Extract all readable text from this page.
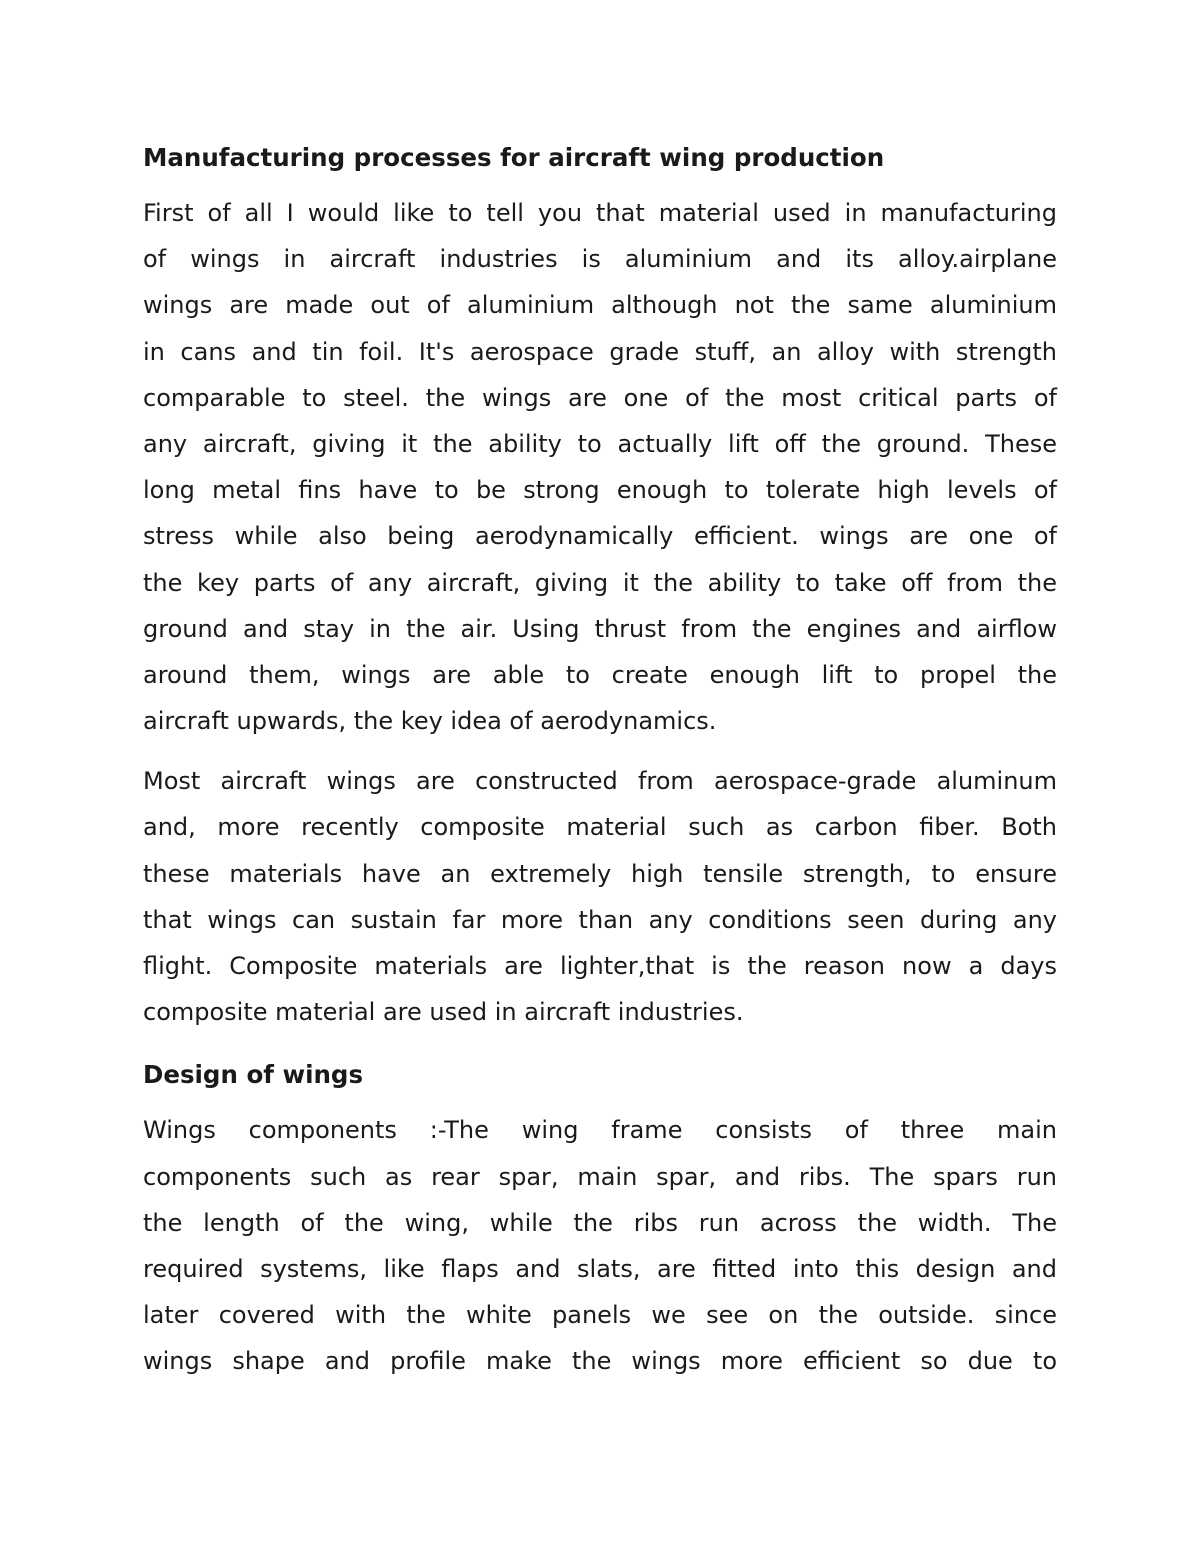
Manufacturing processes for aircraft wing production
First of all I would like to tell you that material used in manufacturing
of wings in aircraft industries is aluminium and its alloy.airplane
wings are made out of aluminium although not the same aluminium
in cans and tin foil. It's aerospace grade stuff, an alloy with strength
comparable to steel. the wings are one of the most critical parts of
any aircraft, giving it the ability to actually lift off the ground. These
long metal fins have to be strong enough to tolerate high levels of
stress while also being aerodynamically efficient. wings are one of
the key parts of any aircraft, giving it the ability to take off from the
ground and stay in the air. Using thrust from the engines and airflow
around them, wings are able to create enough lift to propel the
aircraft upwards, the key idea of aerodynamics.
Most aircraft wings are constructed from aerospace-grade aluminum
and, more recently composite material such as carbon fiber. Both
these materials have an extremely high tensile strength, to ensure
that wings can sustain far more than any conditions seen during any
flight. Composite materials are lighter,that is the reason now a days
composite material are used in aircraft industries.
Design of wings
Wings components :-The wing frame consists of three main
components such as rear spar, main spar, and ribs. The spars run
the length of the wing, while the ribs run across the width. The
required systems, like flaps and slats, are fitted into this design and
later covered with the white panels we see on the outside. since
wings shape and profile make the wings more efficient so due to
